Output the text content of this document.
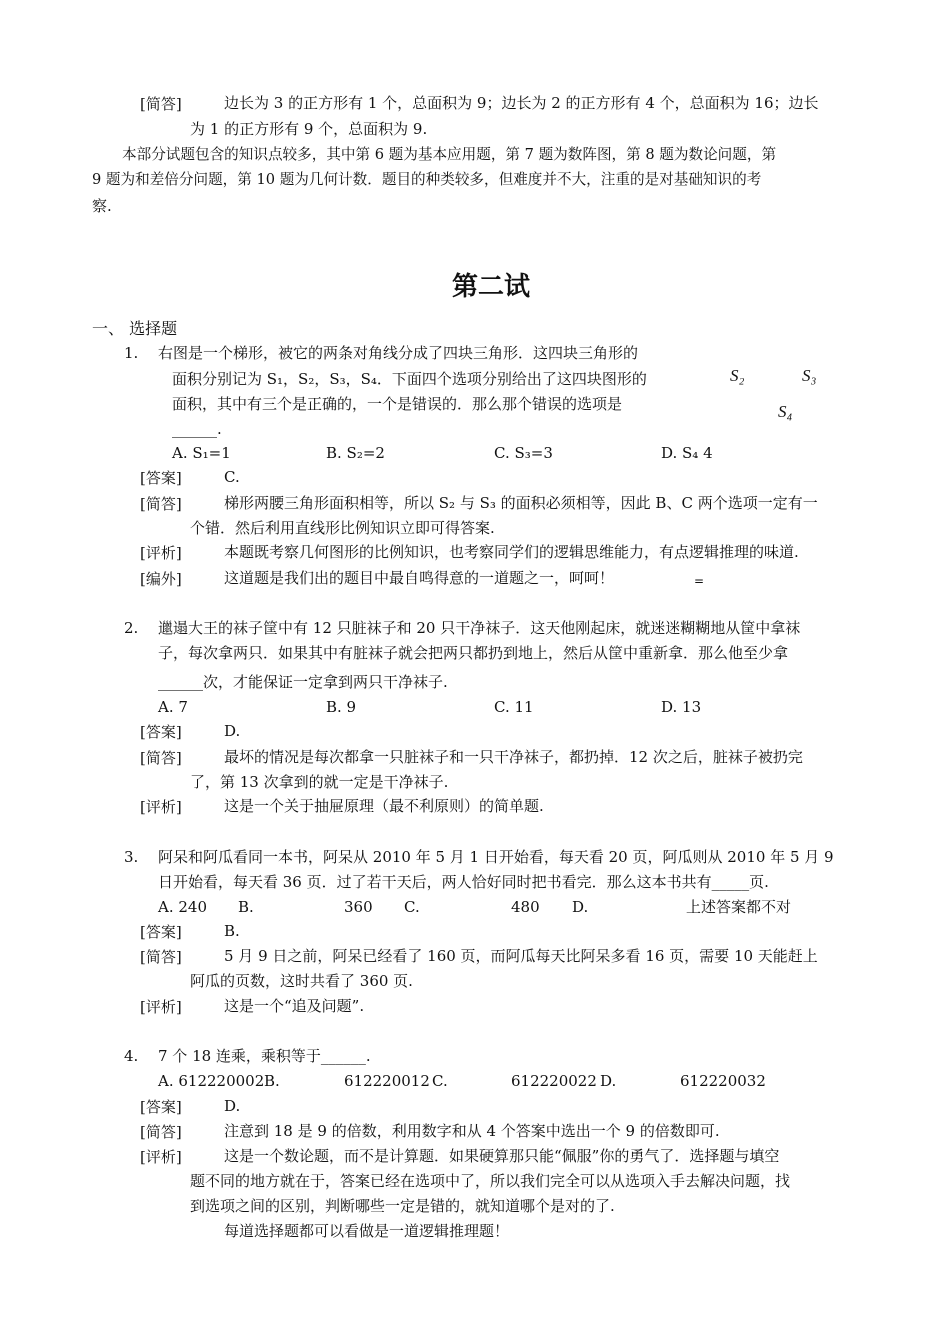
[简答]	边长为 3 的正方形有 1 个，总面积为 9；边长为 2 的正方形有 4 个，总面积为 16；边长
为 1 的正方形有 9 个，总面积为 9.
本部分试题包含的知识点较多，其中第 6 题为基本应用题，第 7 题为数阵图，第 8 题为数论问题，第
9 题为和差倍分问题，第 10 题为几何计数．题目的种类较多，但难度并不大，注重的是对基础知识的考
察.
第二试
一、 选择题
1. 右图是一个梯形，被它的两条对角线分成了四块三角形．这四块三角形的
面积分别记为 S₁，S₂，S₃，S₄．下面四个选项分别给出了这四块图形的
面积，其中有三个是正确的，一个是错误的．那么那个错误的选项是
______.
S₂	S₃
S₄
A. S₁=1	B. S₂=2	C. S₃=3	D. S₄ 4
[答案]	C.
[简答]	梯形两腰三角形面积相等，所以 S₂ 与 S₃ 的面积必须相等，因此 B、C 两个选项一定有一
个错．然后利用直线形比例知识立即可得答案.
[评析]	本题既考察几何图形的比例知识，也考察同学们的逻辑思维能力，有点逻辑推理的味道.
[编外]	这道题是我们出的题目中最自鸣得意的一道题之一，呵呵！	=
2. 邋遢大王的袜子筐中有 12 只脏袜子和 20 只干净袜子．这天他刚起床，就迷迷糊糊地从筐中拿袜
子，每次拿两只．如果其中有脏袜子就会把两只都扔到地上，然后从筐中重新拿．那么他至少拿
______次，才能保证一定拿到两只干净袜子.
A. 7	B. 9	C. 11	D. 13
[答案]	D.
[简答]	最坏的情况是每次都拿一只脏袜子和一只干净袜子，都扔掉．12 次之后，脏袜子被扔完
了，第 13 次拿到的就一定是干净袜子.
[评析]	这是一个关于抽屉原理（最不利原则）的简单题.
3. 阿呆和阿瓜看同一本书，阿呆从 2010 年 5 月 1 日开始看，每天看 20 页，阿瓜则从 2010 年 5 月 9
日开始看，每天看 36 页．过了若干天后，两人恰好同时把书看完．那么这本书共有_____页.
A. 240 B.	360 C.	480 D.	上述答案都不对
[答案]	B.
[简答]	5 月 9 日之前，阿呆已经看了 160 页，而阿瓜每天比阿呆多看 16 页，需要 10 天能赶上
阿瓜的页数，这时共看了 360 页.
[评析]	这是一个“追及问题”.
4. 7 个 18 连乘，乘积等于______.
A. 612220002 B.	612220012 C.	612220022 D.	612220032
[答案]	D.
[简答]	注意到 18 是 9 的倍数，利用数字和从 4 个答案中选出一个 9 的倍数即可.
[评析]	这是一个数论题，而不是计算题．如果硬算那只能“佩服”你的勇气了．选择题与填空
题不同的地方就在于，答案已经在选项中了，所以我们完全可以从选项入手去解决问题，找
到选项之间的区别，判断哪些一定是错的，就知道哪个是对的了.
每道选择题都可以看做是一道逻辑推理题！
